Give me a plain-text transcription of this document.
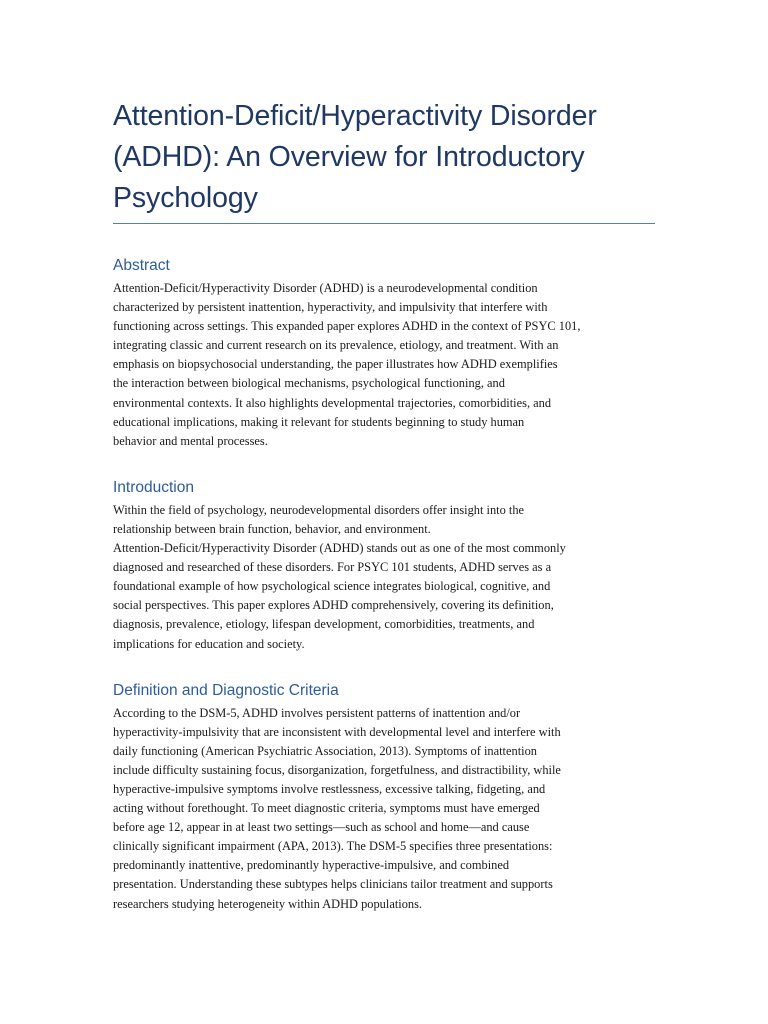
Attention-Deficit/Hyperactivity Disorder
(ADHD): An Overview for Introductory
Psychology
Abstract

Attention-Deficit/Hyperactivity Disorder (ADHD) is a neurodevelopmental condition
characterized by persistent inattention, hyperactivity, and impulsivity that interfere with
functioning across settings. This expanded paper explores ADHD in the context of PSYC 101,
integrating classic and current research on its prevalence, etiology, and treatment. With an
emphasis on biopsychosocial understanding, the paper illustrates how ADHD exemplifies
the interaction between biological mechanisms, psychological functioning, and
environmental contexts. It also highlights developmental trajectories, comorbidities, and
educational implications, making it relevant for students beginning to study human
behavior and mental processes.

Introduction

Within the field of psychology, neurodevelopmental disorders offer insight into the
relationship between brain function, behavior, and environment.
Attention-Deficit/Hyperactivity Disorder (ADHD) stands out as one of the most commonly
diagnosed and researched of these disorders. For PSYC 101 students, ADHD serves as a
foundational example of how psychological science integrates biological, cognitive, and
social perspectives. This paper explores ADHD comprehensively, covering its definition,
diagnosis, prevalence, etiology, lifespan development, comorbidities, treatments, and
implications for education and society.

Definition and Diagnostic Criteria

According to the DSM-5, ADHD involves persistent patterns of inattention and/or
hyperactivity-impulsivity that are inconsistent with developmental level and interfere with
daily functioning (American Psychiatric Association, 2013). Symptoms of inattention
include difficulty sustaining focus, disorganization, forgetfulness, and distractibility, while
hyperactive-impulsive symptoms involve restlessness, excessive talking, fidgeting, and
acting without forethought. To meet diagnostic criteria, symptoms must have emerged
before age 12, appear in at least two settings—such as school and home—and cause
clinically significant impairment (APA, 2013). The DSM-5 specifies three presentations:
predominantly inattentive, predominantly hyperactive-impulsive, and combined
presentation. Understanding these subtypes helps clinicians tailor treatment and supports
researchers studying heterogeneity within ADHD populations.
